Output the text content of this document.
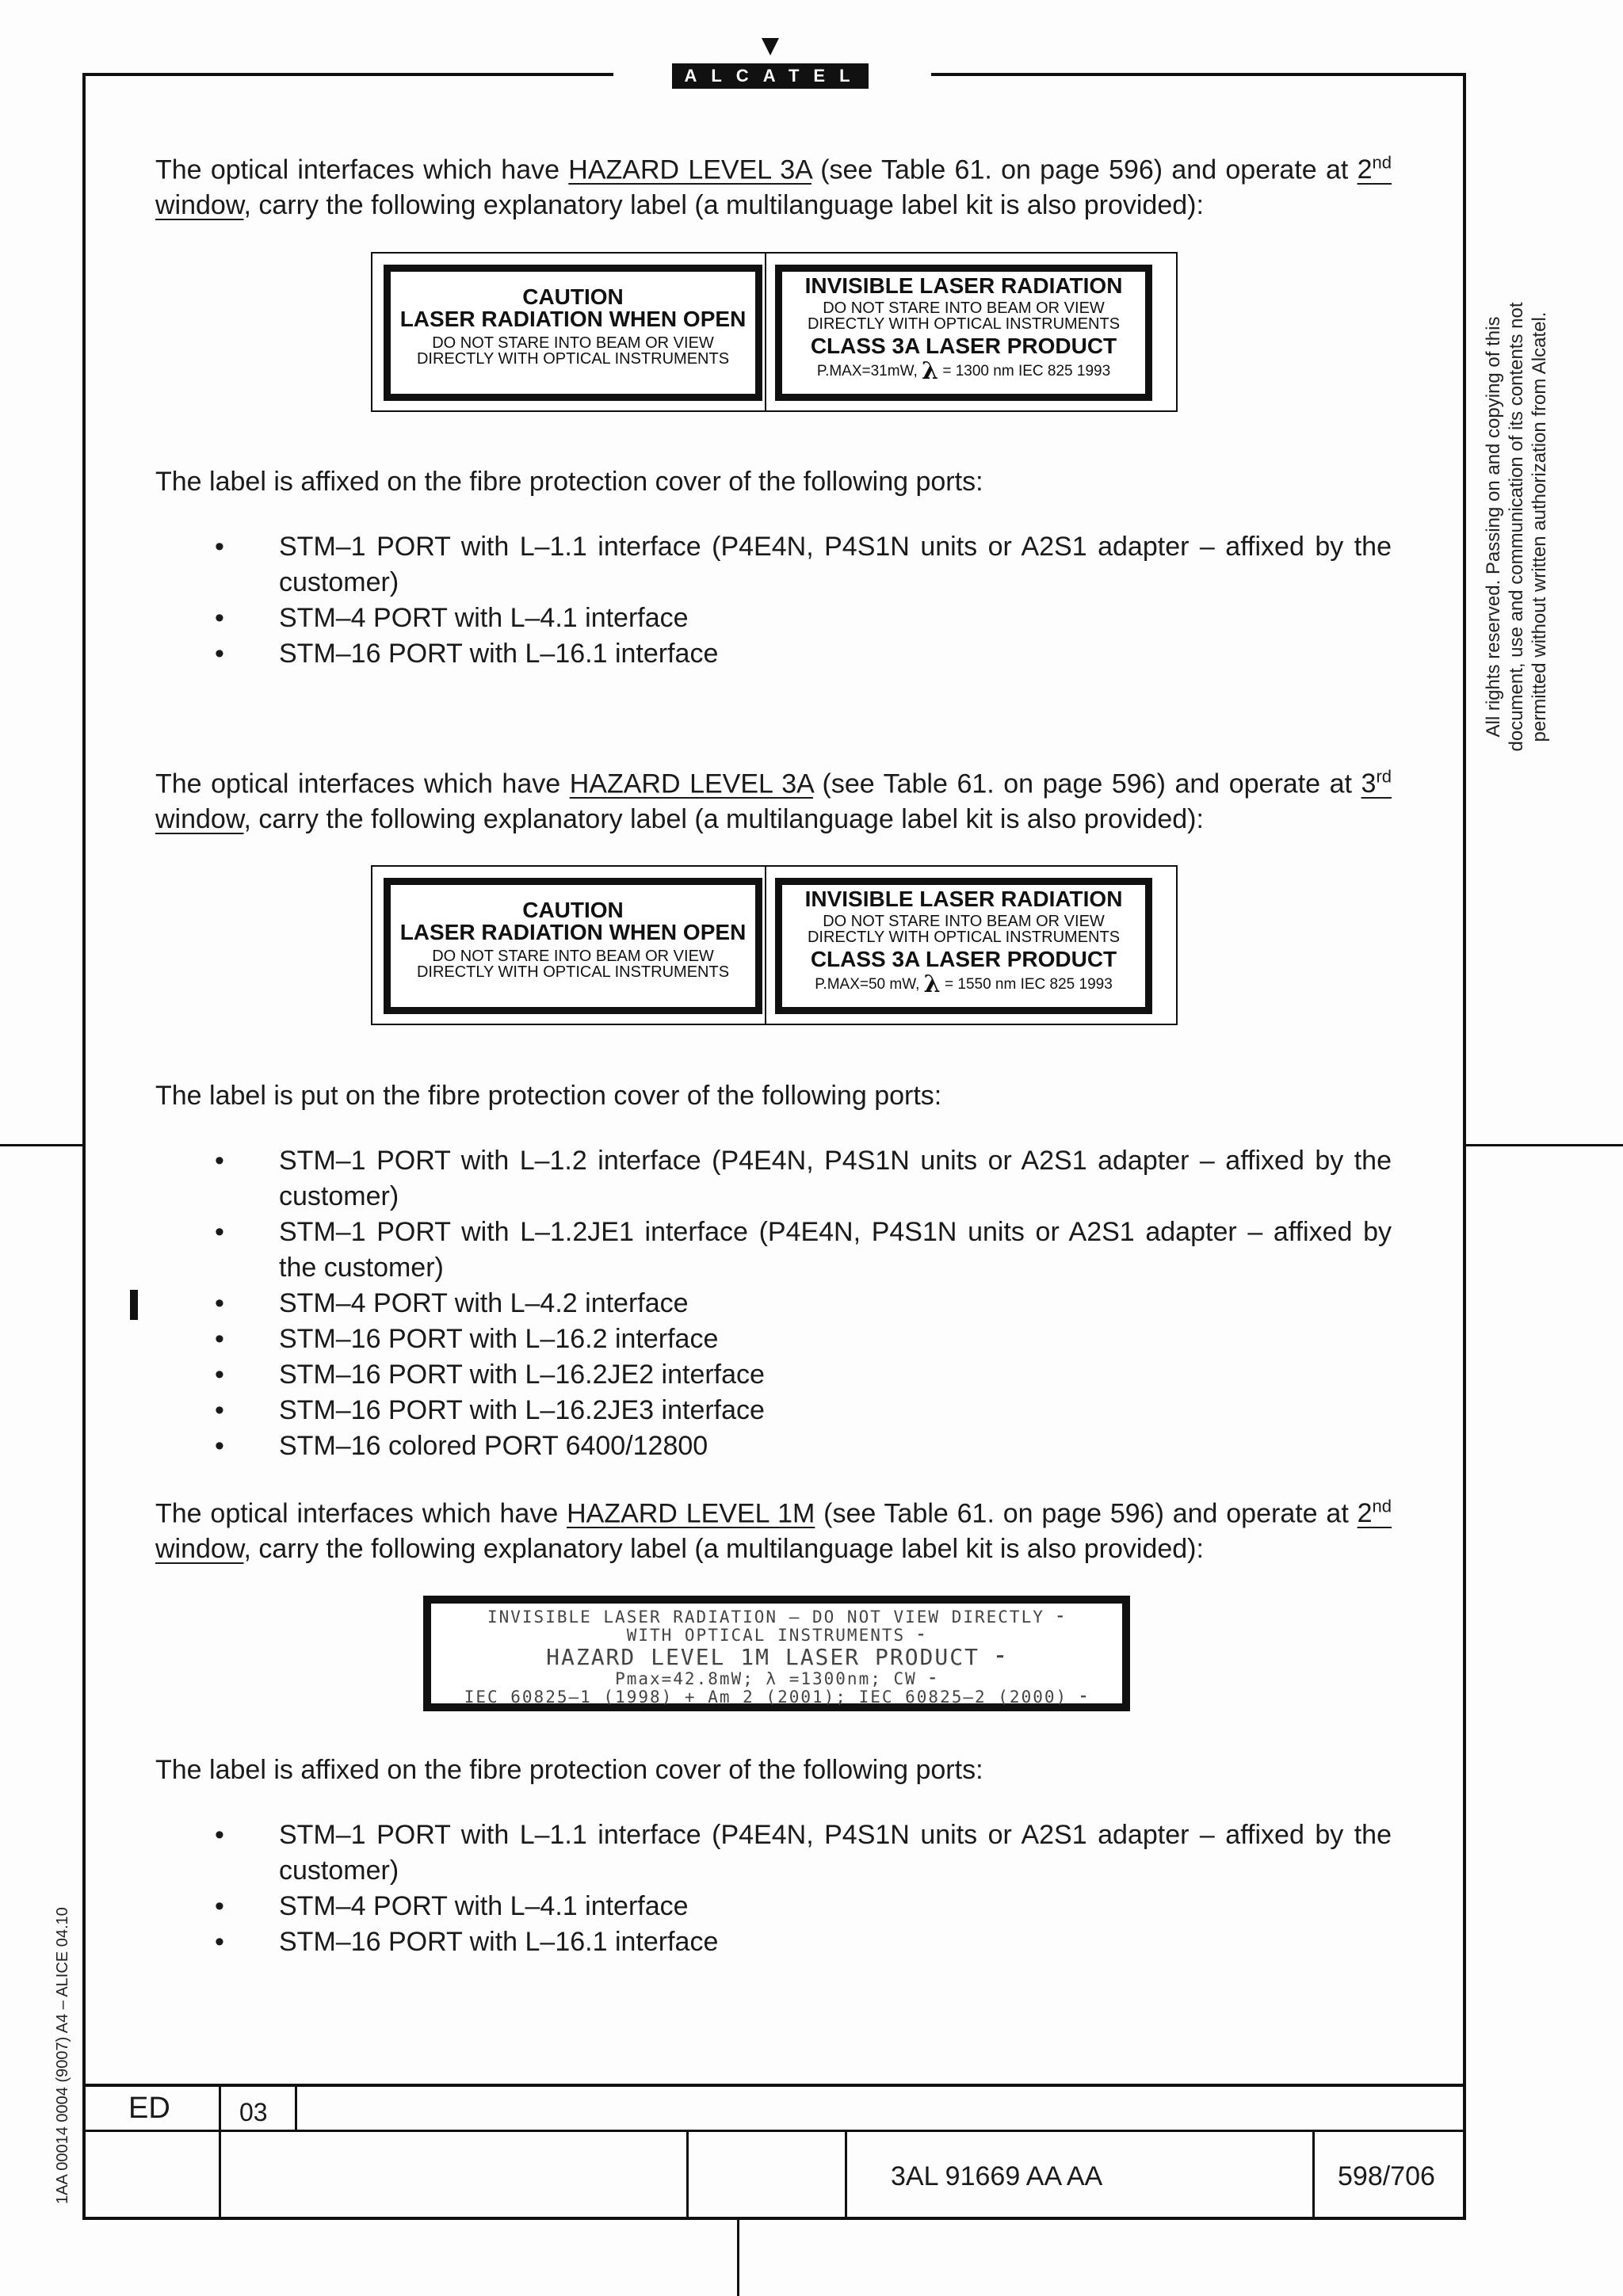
ALCATEL
All rights reserved. Passing on and copying of this document, use and communication of its contents not permitted without written authorization from Alcatel.
1AA 00014 0004 (9007) A4 – ALICE 04.10
The optical interfaces which have HAZARD LEVEL 3A (see Table 61. on page 596) and operate at 2nd window, carry the following explanatory label (a multilanguage label kit is also provided):
CAUTION
LASER RADIATION WHEN OPEN
DO NOT STARE INTO BEAM OR VIEW
DIRECTLY WITH OPTICAL INSTRUMENTS
INVISIBLE LASER RADIATION
DO NOT STARE INTO BEAM OR VIEW
DIRECTLY WITH OPTICAL INSTRUMENTS
CLASS 3A LASER PRODUCT
P.MAX=31mW, λ = 1300 nm IEC 825 1993
The label is affixed on the fibre protection cover of the following ports:
• STM–1 PORT with L–1.1 interface (P4E4N, P4S1N units or A2S1 adapter – affixed by the customer)
• STM–4 PORT with L–4.1 interface
• STM–16 PORT with L–16.1 interface
The optical interfaces which have HAZARD LEVEL 3A (see Table 61. on page 596) and operate at 3rd window, carry the following explanatory label (a multilanguage label kit is also provided):
CAUTION
LASER RADIATION WHEN OPEN
DO NOT STARE INTO BEAM OR VIEW
DIRECTLY WITH OPTICAL INSTRUMENTS
INVISIBLE LASER RADIATION
DO NOT STARE INTO BEAM OR VIEW
DIRECTLY WITH OPTICAL INSTRUMENTS
CLASS 3A LASER PRODUCT
P.MAX=50 mW, λ = 1550 nm IEC 825 1993
The label is put on the fibre protection cover of the following ports:
• STM–1 PORT with L–1.2 interface (P4E4N, P4S1N units or A2S1 adapter – affixed by the customer)
• STM–1 PORT with L–1.2JE1 interface (P4E4N, P4S1N units or A2S1 adapter – affixed by the customer)
• STM–4 PORT with L–4.2 interface
• STM–16 PORT with L–16.2 interface
• STM–16 PORT with L–16.2JE2 interface
• STM–16 PORT with L–16.2JE3 interface
• STM–16 colored PORT 6400/12800
The optical interfaces which have HAZARD LEVEL 1M (see Table 61. on page 596) and operate at 2nd window, carry the following explanatory label (a multilanguage label kit is also provided):
INVISIBLE LASER RADIATION – DO NOT VIEW DIRECTLY ⁃
WITH OPTICAL INSTRUMENTS ⁃
HAZARD LEVEL 1M LASER PRODUCT ⁃
Pmax=42.8mW; λ =1300nm; CW ⁃
IEC 60825–1 (1998) + Am 2 (2001); IEC 60825–2 (2000) ⁃
The label is affixed on the fibre protection cover of the following ports:
• STM–1 PORT with L–1.1 interface (P4E4N, P4S1N units or A2S1 adapter – affixed by the customer)
• STM–4 PORT with L–4.1 interface
• STM–16 PORT with L–16.1 interface
ED	03
3AL 91669 AA AA	598/706
